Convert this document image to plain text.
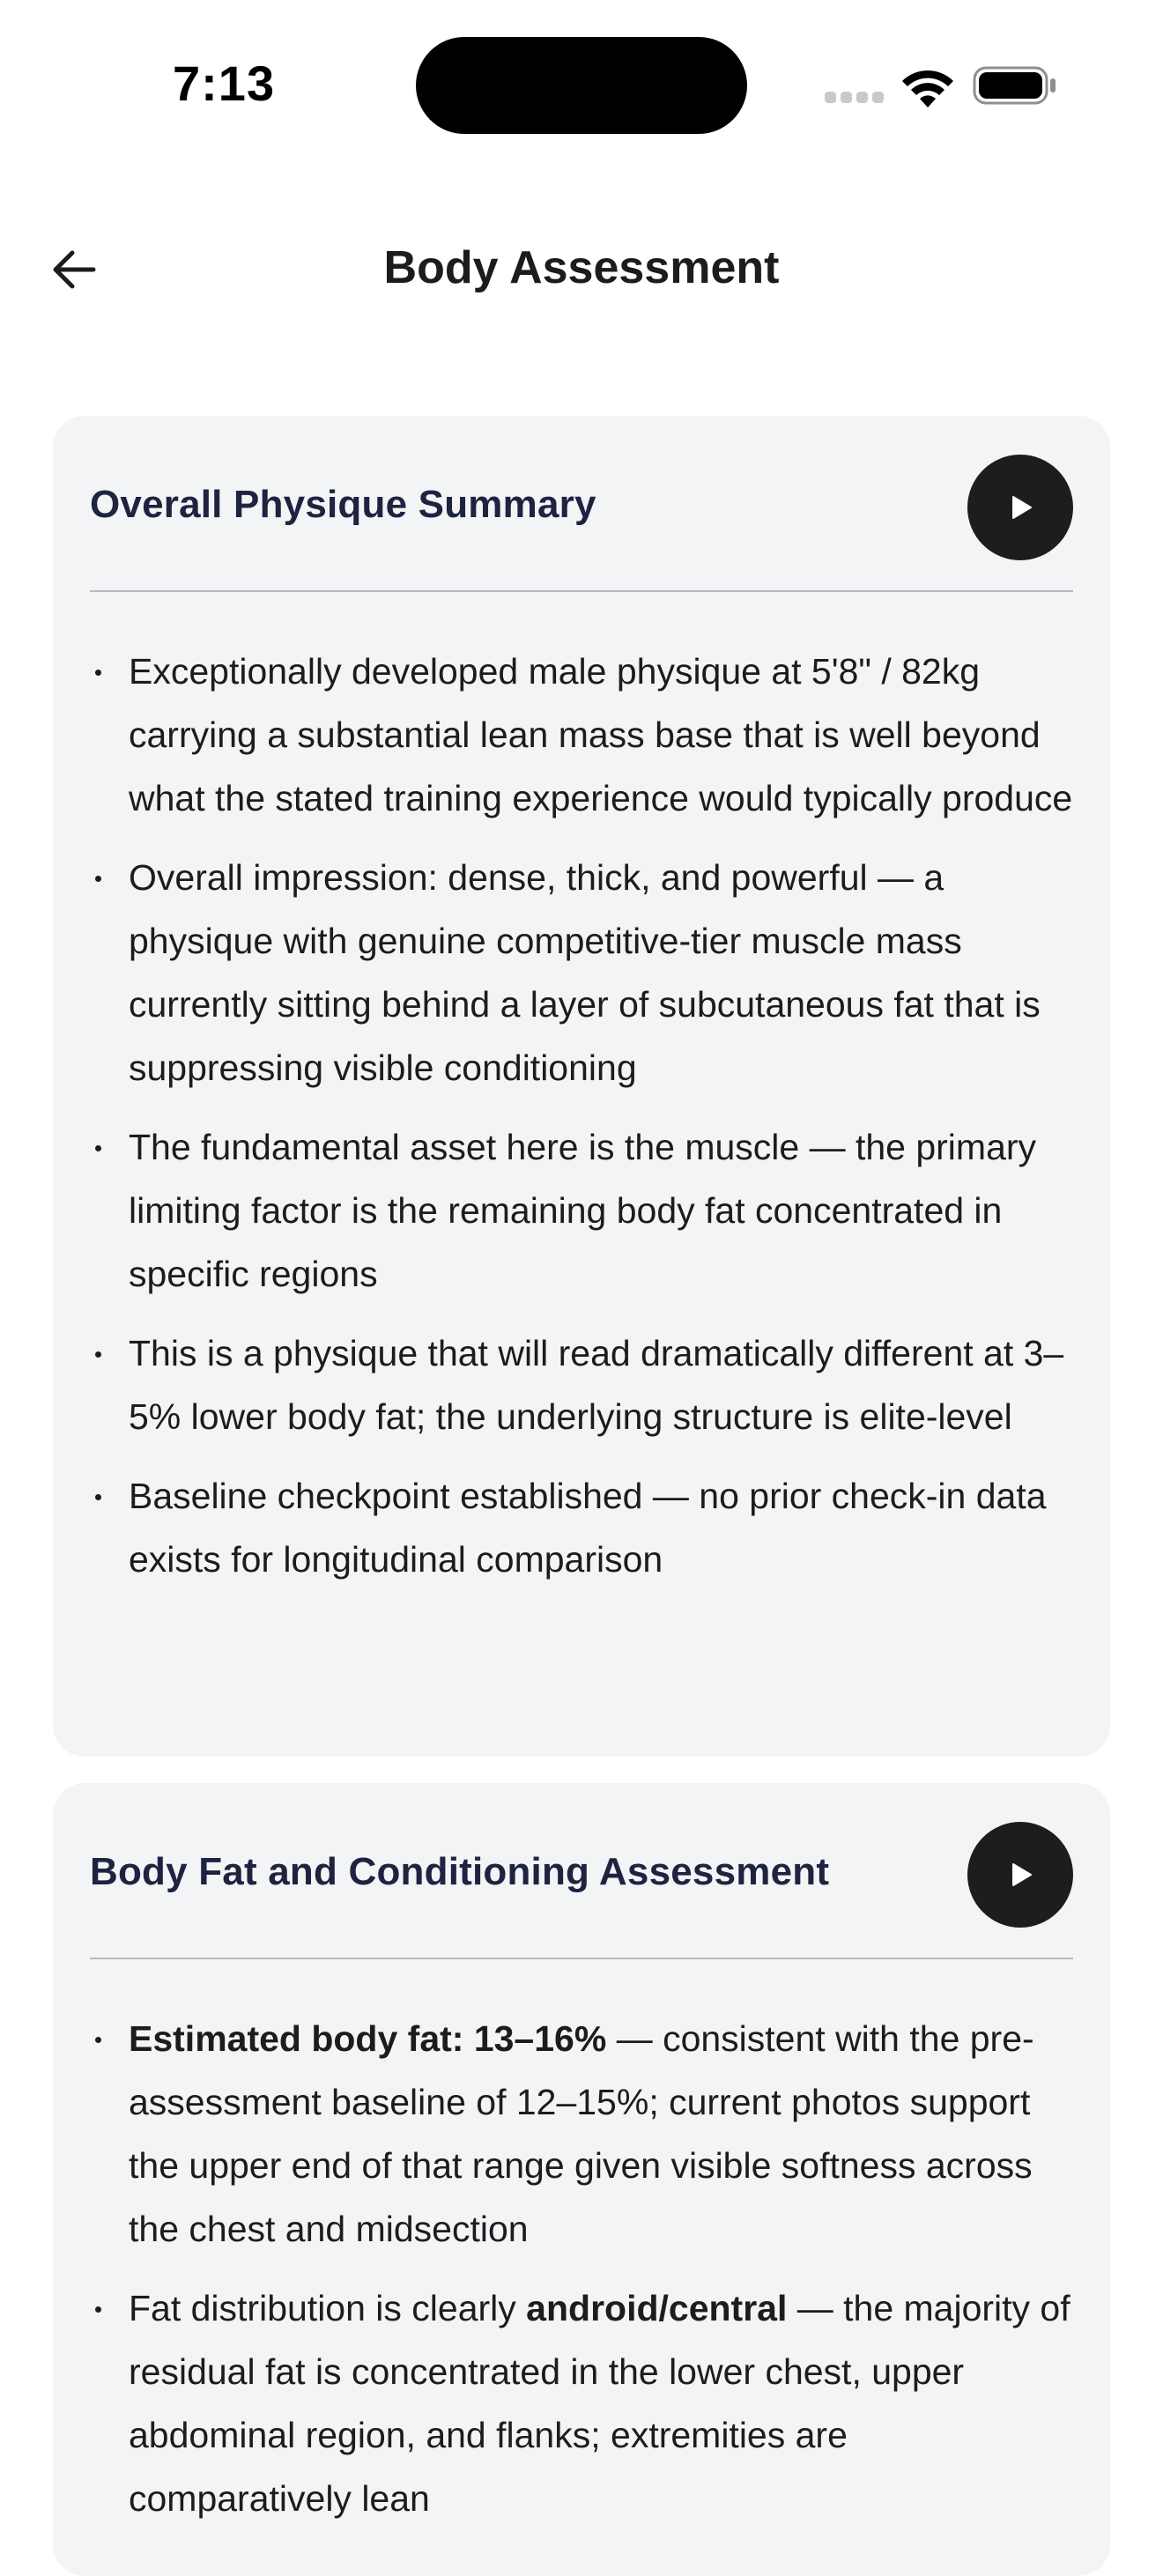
7:13
Body Assessment
Overall Physique Summary
Exceptionally developed male physique at 5'8" / 82kg carrying a substantial lean mass base that is well beyond what the stated training experience would typically produce
Overall impression: dense, thick, and powerful — a physique with genuine competitive-tier muscle mass currently sitting behind a layer of subcutaneous fat that is suppressing visible conditioning
The fundamental asset here is the muscle — the primary limiting factor is the remaining body fat concentrated in specific regions
This is a physique that will read dramatically different at 3–5% lower body fat; the underlying structure is elite-level
Baseline checkpoint established — no prior check-in data exists for longitudinal comparison
Body Fat and Conditioning Assessment
Estimated body fat: 13–16% — consistent with the pre-assessment baseline of 12–15%; current photos support the upper end of that range given visible softness across the chest and midsection
Fat distribution is clearly android/central — the majority of residual fat is concentrated in the lower chest, upper abdominal region, and flanks; extremities are comparatively lean
